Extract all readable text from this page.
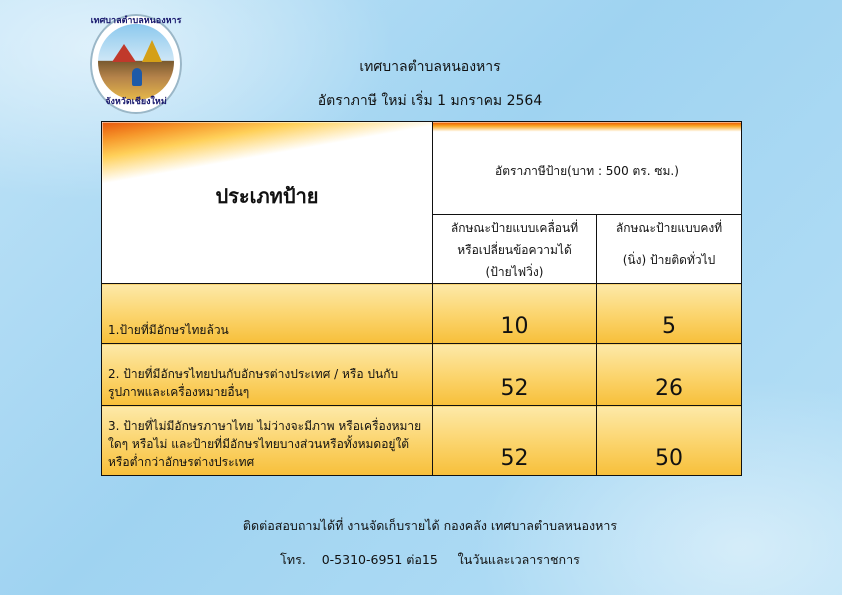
เทศบาลตำบลหนองหาร
จังหวัดเชียงใหม่
เทศบาลตำบลหนองหาร
อัตราภาษี ใหม่ เริ่ม 1 มกราคม 2564
ประเภทป้าย	อัตราภาษีป้าย(บาท : 500 ตร. ซม.)	

	ลักษณะป้ายแบบเคลื่อนที่
หรือเปลี่ยนข้อความได้
(ป้ายไฟวิ่ง)	ลักษณะป้ายแบบคงที่
(นิ่ง) ป้ายติดทั่วไป

1.ป้ายที่มีอักษรไทยล้วน	10	5

2. ป้ายที่มีอักษรไทยปนกับอักษรต่างประเทศ / หรือ ปนกับรูปภาพและเครื่องหมายอื่นๆ	52	26

3. ป้ายที่ไม่มีอักษรภาษาไทย ไม่ว่างจะมีภาพ หรือเครื่องหมายใดๆ หรือไม่ และป้ายที่มีอักษรไทยบางส่วนหรือทั้งหมดอยู่ใต้หรือต่ำกว่าอักษรต่างประเทศ	52	50
ติดต่อสอบถามได้ที่ งานจัดเก็บรายได้ กองคลัง เทศบาลตำบลหนองหาร
โทร.    0-5310-6951 ต่อ15     ในวันและเวลาราชการ
